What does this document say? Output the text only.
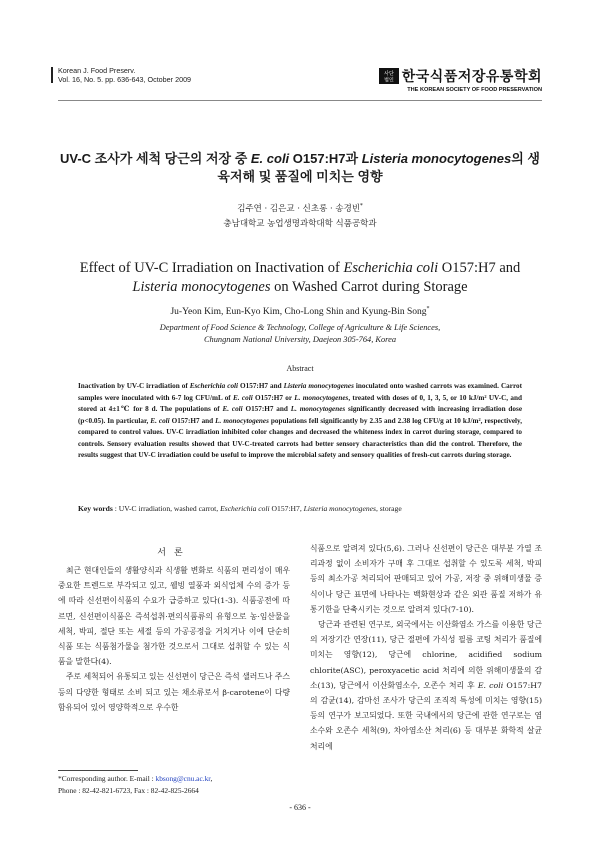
Korean J. Food Preserv.
Vol. 16, No. 5. pp. 636-643, October 2009
사단
법인 한국식품저장유통학회
THE KOREAN SOCIETY OF FOOD PRESERVATION
UV-C 조사가 세척 당근의 저장 중 E. coli O157:H7과 Listeria monocytogenes의 생육저해 및 품질에 미치는 영향
김주연 · 김은교 · 신초롱 · 송경빈*
충남대학교 농업생명과학대학 식품공학과
Effect of UV-C Irradiation on Inactivation of Escherichia coli O157:H7 and Listeria monocytogenes on Washed Carrot during Storage
Ju-Yeon Kim, Eun-Kyo Kim, Cho-Long Shin and Kyung-Bin Song*
Department of Food Science & Technology, College of Agriculture & Life Sciences,
Chungnam National University, Daejeon 305-764, Korea
Abstract
Inactivation by UV-C irradiation of Escherichia coli O157:H7 and Listeria monocytogenes inoculated onto washed carrots was examined. Carrot samples were inoculated with 6-7 log CFU/mL of E. coli O157:H7 or L. monocytogenes, treated with doses of 0, 1, 3, 5, or 10 kJ/m² UV-C, and stored at 4±1℃ for 8 d. The populations of E. coli O157:H7 and L. monocytogenes significantly decreased with increasing irradiation dose (p<0.05). In particular, E. coli O157:H7 and L. monocytogenes populations fell significantly by 2.35 and 2.38 log CFU/g at 10 kJ/m², respectively, compared to control values. UV-C irradiation inhibited color changes and decreased the whiteness index in carrot during storage, compared to controls. Sensory evaluation results showed that UV-C-treated carrots had better sensory characteristics than did the control. Therefore, the results suggest that UV-C irradiation could be useful to improve the microbial safety and sensory qualities of fresh-cut carrots during storage.
Key words : UV-C irradiation, washed carrot, Escherichia coli O157:H7, Listeria monocytogenes, storage
서론

최근 현대인들의 생활양식과 식생활 변화로 식품의 편리성이 매우 중요한 트렌드로 부각되고 있고, 웰빙 열풍과 외식업체 수의 증가 등에 따라 신선편이식품의 수요가 급증하고 있다(1-3). 식품공전에 따르면, 신선편이식품은 즉석섭취·편의식품류의 유형으로 농·임산물을 세척, 박피, 절단 또는 세절 등의 가공공정을 거치거나 이에 단순히 식품 또는 식품첨가물을 첨가한 것으로서 그대로 섭취할 수 있는 식품을 말한다(4).

주로 세척되어 유통되고 있는 신선편이 당근은 즉석 샐러드나 주스 등의 다양한 형태로 소비 되고 있는 채소류로서 β-carotene이 다량 함유되어 있어 영양학적으로 우수한

식품으로 알려져 있다(5,6). 그러나 신선편이 당근은 대부분 가열 조리과정 없이 소비자가 구매 후 그대로 섭취할 수 있도록 세척, 박피 등의 최소가공 처리되어 판매되고 있어 가공, 저장 중 위해미생물 증식이나 당근 표면에 나타나는 백화현상과 같은 외관 품질 저하가 유통기한을 단축시키는 것으로 알려져 있다(7-10).

당근과 관련된 연구로, 외국에서는 이산화염소 가스를 이용한 당근의 저장기간 연장(11), 당근 절편에 가식성 필름 코팅 처리가 품질에 미치는 영향(12), 당근에 chlorine, acidified sodium chlorite(ASC), peroxyacetic acid 처리에 의한 위해미생물의 감소(13), 당근에서 이산화염소수, 오존수 처리 후 E. coli O157:H7의 감균(14), 감마선 조사가 당근의 조직적 특성에 미치는 영향(15) 등의 연구가 보고되었다. 또한 국내에서의 당근에 관한 연구로는 염소수와 오존수 세척(9), 차아염소산 처리(6) 등 대부분 화학적 살균처리에

*Corresponding author. E-mail : kbsong@cnu.ac.kr,
Phone : 82-42-821-6723, Fax : 82-42-825-2664
- 636 -
